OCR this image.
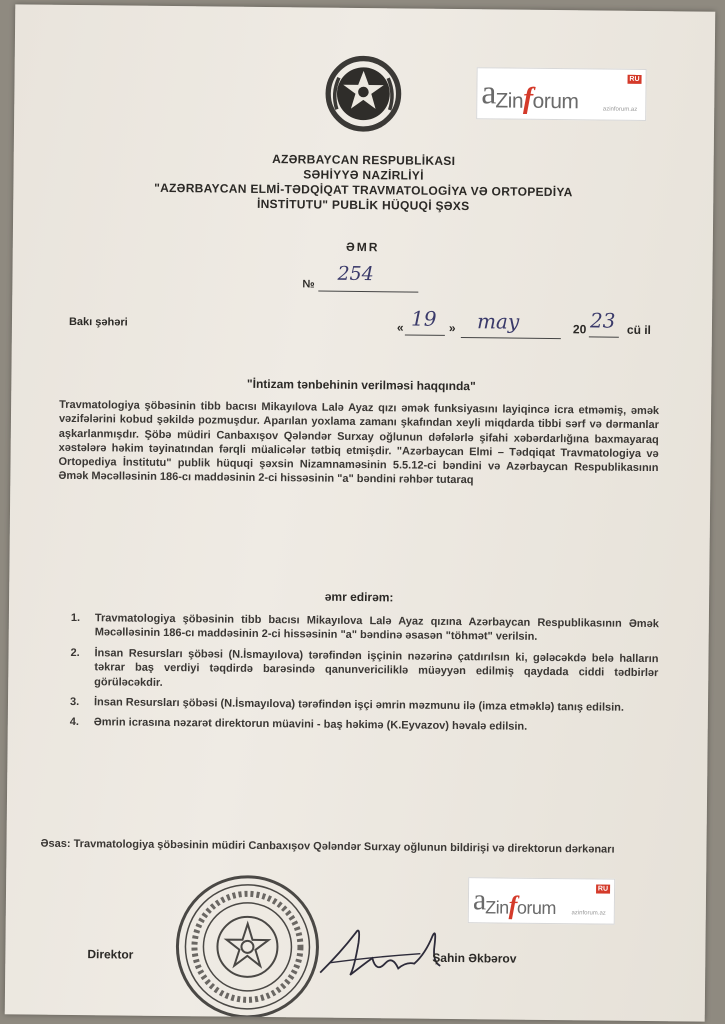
a Zinforum
RU
azinforum.az
AZƏRBAYCAN RESPUBLİKASI
SƏHİYYƏ NAZİRLİYİ
"AZƏRBAYCAN ELMİ-TƏDQİQAT TRAVMATOLOGİYA VƏ ORTOPEDİYA
İNSTİTUTU" PUBLİK HÜQUQİ ŞƏXS
ƏMR
№ 254
Bakı şəhəri	« 19 » may	20 23 cü il
"İntizam tənbehinin verilməsi haqqında"
Travmatologiya şöbəsinin tibb bacısı Mikayılova Lalə Ayaz qızı əmək funksiyasını layiqincə icra etməmiş, əmək vəzifələrini kobud şəkildə pozmuşdur. Aparılan yoxlama zamanı şkafından xeyli miqdarda tibbi sərf və dərmanlar aşkarlanmışdır. Şöbə müdiri Canbaxışov Qələndər Surxay oğlunun dəfələrlə şifahi xəbərdarlığına baxmayaraq xəstələrə həkim təyinatından fərqli müalicələr tətbiq etmişdir. "Azərbaycan Elmi – Tədqiqat Travmatologiya və Ortopediya İnstitutu" publik hüquqi şəxsin Nizamnaməsinin 5.5.12-ci bəndini və Azərbaycan Respublikasının Əmək Məcəlləsinin 186-cı maddəsinin 2-ci hissəsinin "a" bəndini rəhbər tutaraq
əmr edirəm:
1.	Travmatologiya şöbəsinin tibb bacısı Mikayılova Lalə Ayaz qızına Azərbaycan Respublikasının Əmək Məcəlləsinin 186-cı maddəsinin 2-ci hissəsinin "a" bəndinə əsasən "töhmət" verilsin.
2.	İnsan Resursları şöbəsi (N.İsmayılova) tərəfindən işçinin nəzərinə çatdırılsın ki, gələcəkdə belə halların təkrar baş verdiyi təqdirdə barəsində qanunvericiliklə müəyyən edilmiş qaydada ciddi tədbirlər görüləcəkdir.
3.	İnsan Resursları şöbəsi (N.İsmayılova) tərəfindən işçi əmrin məzmunu ilə (imza etməklə) tanış edilsin.
4.	Əmrin icrasına nəzarət direktorun müavini - baş həkimə (K.Eyvazov) həvalə edilsin.
Əsas: Travmatologiya şöbəsinin müdiri Canbaxışov Qələndər Surxay oğlunun bildirişi və direktorun dərkənarı
a Zinforum
RU
azinforum.az
Direktor	Şahin Əkbərov
